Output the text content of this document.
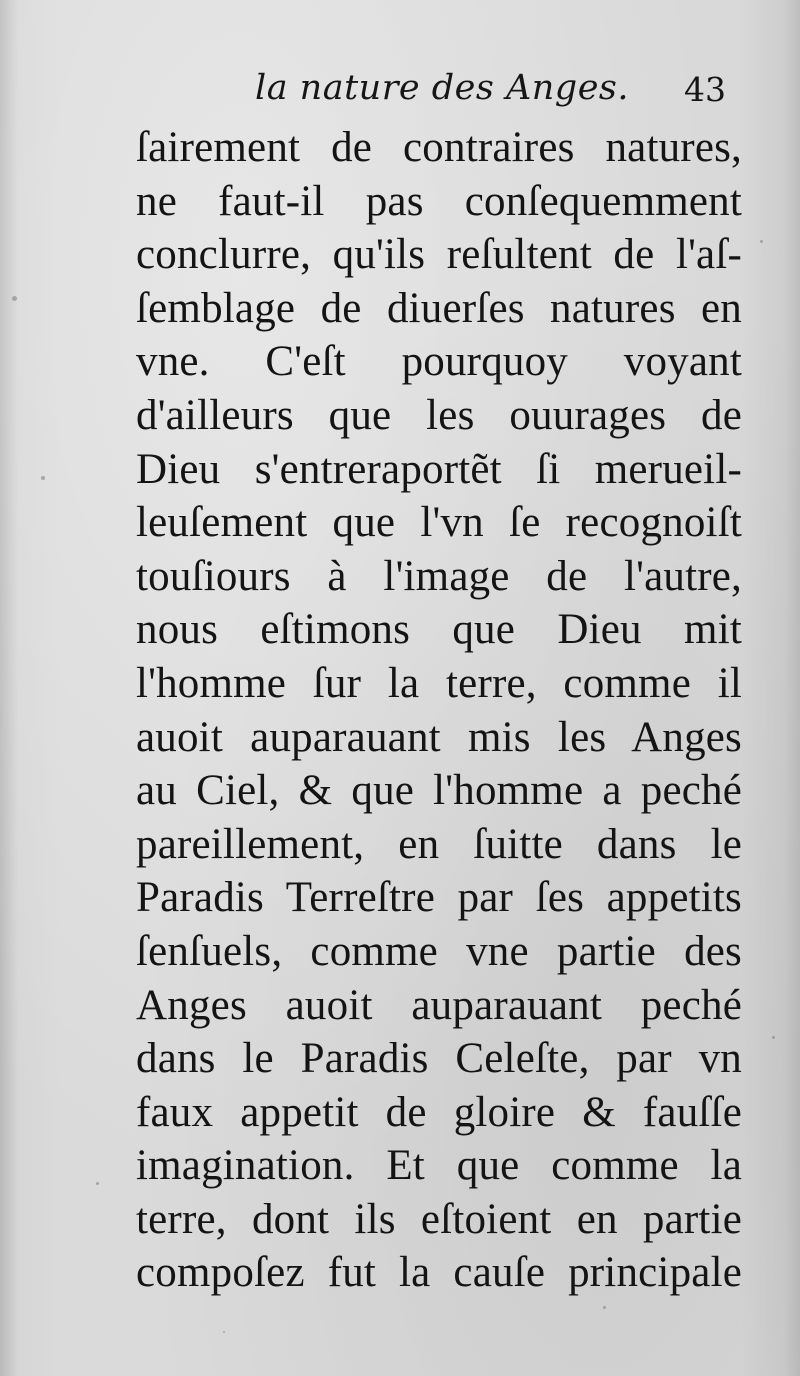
la nature des Anges. 43
ſairement de contraires natures,
ne faut-il pas conſequemment
conclurre, qu'ils reſultent de l'aſ-
ſemblage de diuerſes natures en
vne. C'eſt pourquoy voyant
d'ailleurs que les ouurages de
Dieu s'entreraportẽt ſi merueil-
leuſement que l'vn ſe recognoiſt
touſiours à l'image de l'autre,
nous eſtimons que Dieu mit
l'homme ſur la terre, comme il
auoit auparauant mis les Anges
au Ciel, & que l'homme a peché
pareillement, en ſuitte dans le
Paradis Terreſtre par ſes appetits
ſenſuels, comme vne partie des
Anges auoit auparauant peché
dans le Paradis Celeſte, par vn
faux appetit de gloire & fauſſe
imagination. Et que comme la
terre, dont ils eſtoient en partie
compoſez fut la cauſe principale
